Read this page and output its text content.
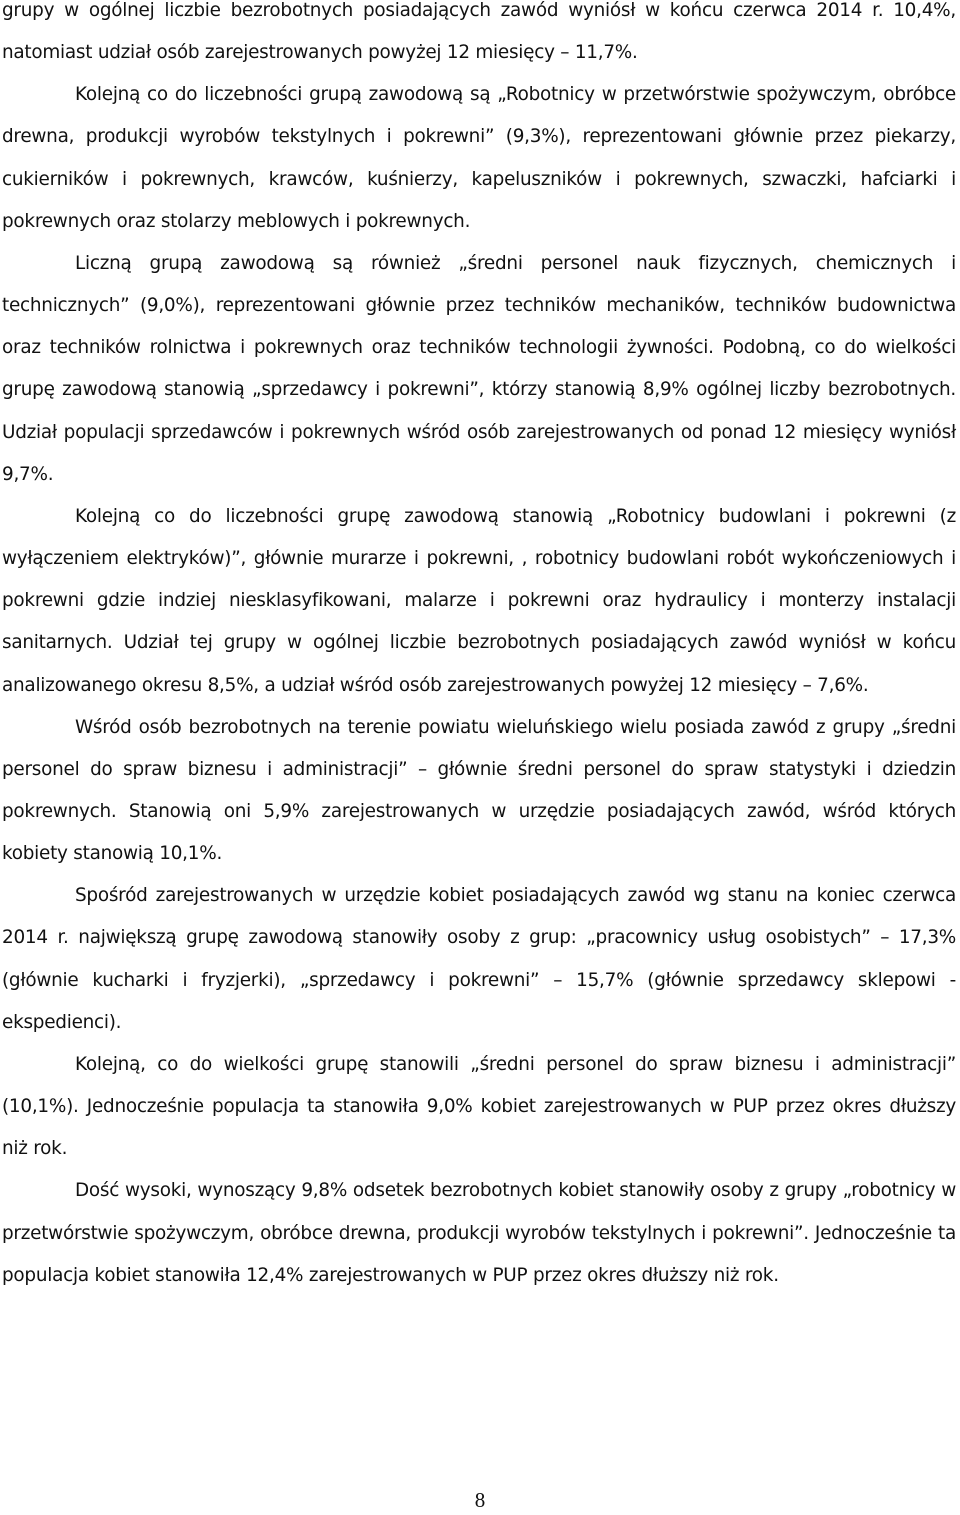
grupy w ogólnej liczbie bezrobotnych posiadających zawód wyniósł w końcu czerwca 2014 r. 10,4%, natomiast udział osób zarejestrowanych powyżej 12 miesięcy – 11,7%.

Kolejną co do liczebności grupą zawodową są „Robotnicy w przetwórstwie spożywczym, obróbce drewna, produkcji wyrobów tekstylnych i pokrewni” (9,3%), reprezentowani głównie przez piekarzy, cukierników i pokrewnych, krawców, kuśnierzy, kapeluszników i pokrewnych, szwaczki, hafciarki i pokrewnych oraz stolarzy meblowych i pokrewnych.

Liczną grupą zawodową są również „średni personel nauk fizycznych, chemicznych i technicznych” (9,0%), reprezentowani głównie przez techników mechaników, techników budownictwa oraz techników rolnictwa i pokrewnych oraz techników technologii żywności. Podobną, co do wielkości grupę zawodową stanowią „sprzedawcy i pokrewni”, którzy stanowią 8,9% ogólnej liczby bezrobotnych. Udział populacji sprzedawców i pokrewnych wśród osób zarejestrowanych od ponad 12 miesięcy wyniósł 9,7%.

Kolejną co do liczebności grupę zawodową stanowią „Robotnicy budowlani i pokrewni (z wyłączeniem elektryków)”, głównie murarze i pokrewni, , robotnicy budowlani robót wykończeniowych i pokrewni gdzie indziej niesklasyfikowani, malarze i pokrewni oraz hydraulicy i monterzy instalacji sanitarnych. Udział tej grupy w ogólnej liczbie bezrobotnych posiadających zawód wyniósł w końcu analizowanego okresu 8,5%, a udział wśród osób zarejestrowanych powyżej 12 miesięcy – 7,6%.

Wśród osób bezrobotnych na terenie powiatu wieluńskiego wielu posiada zawód z grupy „średni personel do spraw biznesu i administracji” – głównie średni personel do spraw statystyki i dziedzin pokrewnych. Stanowią oni 5,9% zarejestrowanych w urzędzie posiadających zawód, wśród których kobiety stanowią 10,1%.

Spośród zarejestrowanych w urzędzie kobiet posiadających zawód wg stanu na koniec czerwca 2014 r. największą grupę zawodową stanowiły osoby z grup: „pracownicy usług osobistych” – 17,3% (głównie kucharki i fryzjerki), „sprzedawcy i pokrewni” – 15,7% (głównie sprzedawcy sklepowi - ekspedienci).

Kolejną, co do wielkości grupę stanowili „średni personel do spraw biznesu i administracji” (10,1%). Jednocześnie populacja ta stanowiła 9,0% kobiet zarejestrowanych w PUP przez okres dłuższy niż rok.

Dość wysoki, wynoszący 9,8% odsetek bezrobotnych kobiet stanowiły osoby z grupy „robotnicy w przetwórstwie spożywczym, obróbce drewna, produkcji wyrobów tekstylnych i pokrewni”. Jednocześnie ta populacja kobiet stanowiła 12,4% zarejestrowanych w PUP przez okres dłuższy niż rok.

8
